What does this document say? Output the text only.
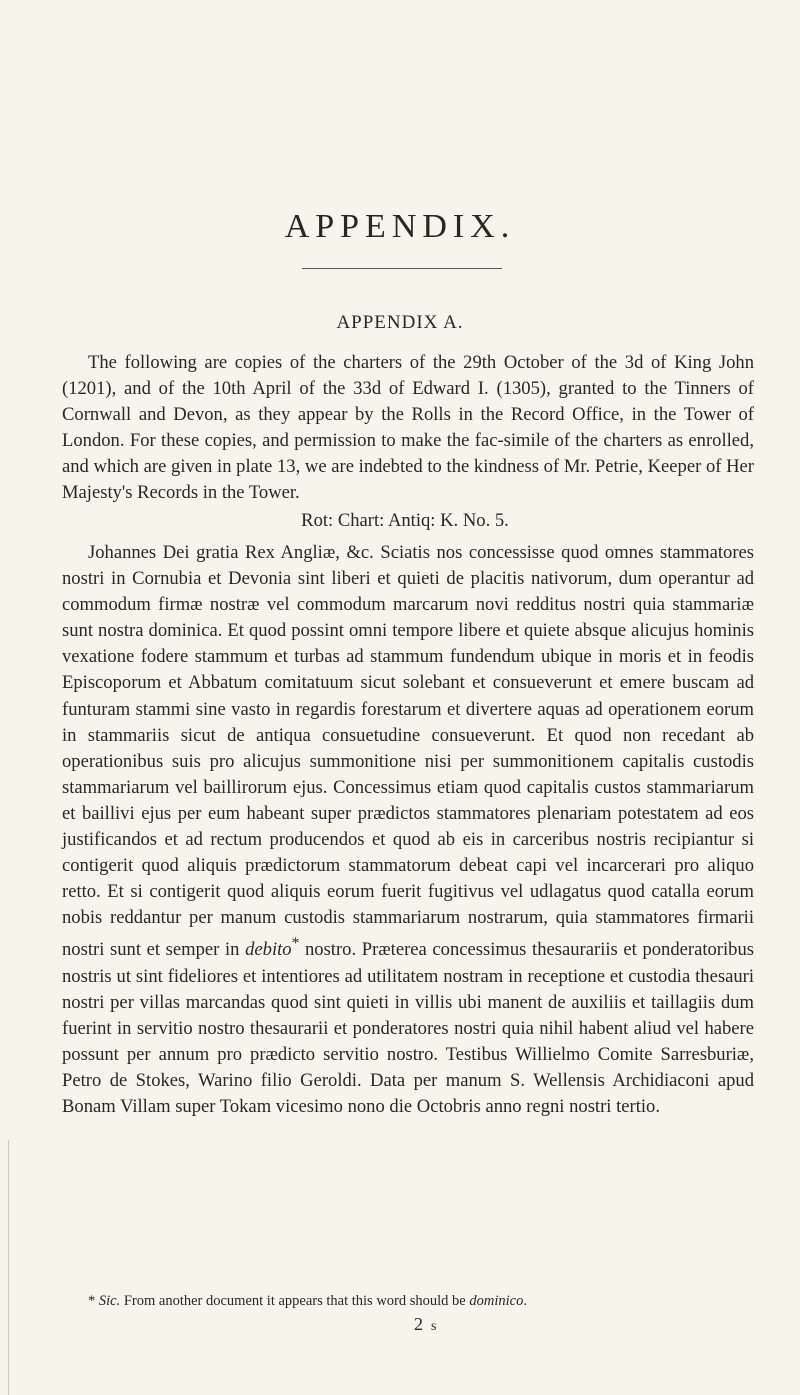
APPENDIX.
APPENDIX A.

The following are copies of the charters of the 29th October of the 3d of King John (1201), and of the 10th April of the 33d of Edward I. (1305), granted to the Tinners of Cornwall and Devon, as they appear by the Rolls in the Record Office, in the Tower of London. For these copies, and permission to make the fac-simile of the charters as enrolled, and which are given in plate 13, we are indebted to the kindness of Mr. Petrie, Keeper of Her Majesty's Records in the Tower.

Rot: Chart: Antiq: K. No. 5.

Johannes Dei gratia Rex Angliæ, &c. Sciatis nos concessisse quod omnes stammatores nostri in Cornubia et Devonia sint liberi et quieti de placitis nativorum, dum operantur ad commodum firmæ nostræ vel commodum marcarum novi redditus nostri quia stammariæ sunt nostra dominica. Et quod possint omni tempore libere et quiete absque alicujus hominis vexatione fodere stammum et turbas ad stammum fundendum ubique in moris et in feodis Episcoporum et Abbatum comitatuum sicut solebant et consueverunt et emere buscam ad funturam stammi sine vasto in regardis forestarum et divertere aquas ad operationem eorum in stammariis sicut de antiqua consuetudine consueverunt. Et quod non recedant ab operationibus suis pro alicujus summonitione nisi per summonitionem capitalis custodis stammariarum vel baillirorum ejus. Concessimus etiam quod capitalis custos stammariarum et baillivi ejus per eum habeant super prædictos stammatores plenariam potestatem ad eos justificandos et ad rectum producendos et quod ab eis in carceribus nostris recipiantur si contigerit quod aliquis prædictorum stammatorum debeat capi vel incarcerari pro aliquo retto. Et si contigerit quod aliquis eorum fuerit fugitivus vel udlagatus quod catalla eorum nobis reddantur per manum custodis stammariarum nostrarum, quia stammatores firmarii nostri sunt et semper in debito* nostro. Præterea concessimus thesaurariis et ponderatoribus nostris ut sint fideliores et intentiores ad utilitatem nostram in receptione et custodia thesauri nostri per villas marcandas quod sint quieti in villis ubi manent de auxiliis et taillagiis dum fuerint in servitio nostro thesaurarii et ponderatores nostri quia nihil habent aliud vel habere possunt per annum pro prædicto servitio nostro. Testibus Willielmo Comite Sarresburiæ, Petro de Stokes, Warino filio Geroldi. Data per manum S. Wellensis Archidiaconi apud Bonam Villam super Tokam vicesimo nono die Octobris anno regni nostri tertio.

* Sic. From another document it appears that this word should be dominico.

2 s
